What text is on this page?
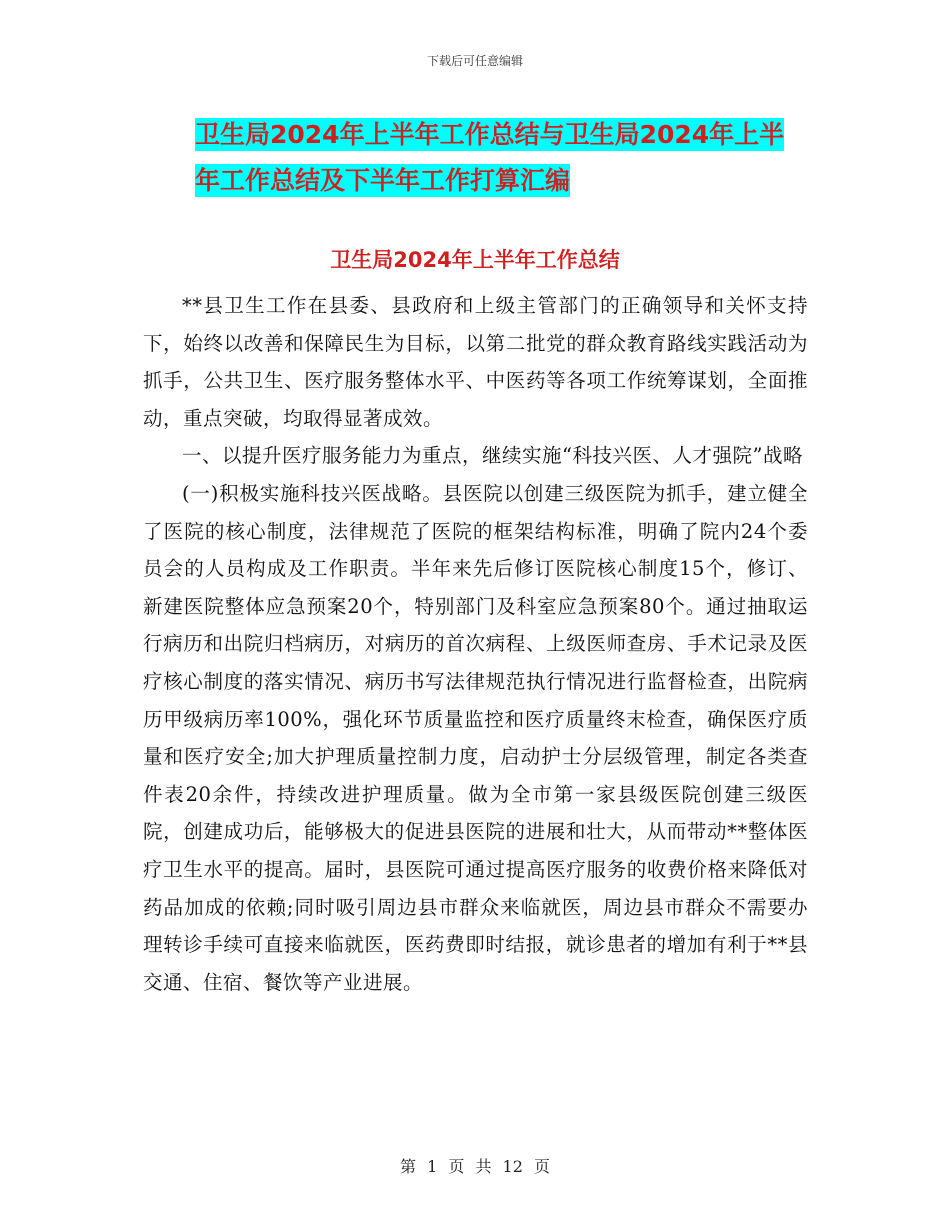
下载后可任意编辑
卫生局2024年上半年工作总结与卫生局2024年上半
年工作总结及下半年工作打算汇编
卫生局2024年上半年工作总结

**县卫生工作在县委、县政府和上级主管部门的正确领导和关怀支持下，始终以改善和保障民生为目标，以第二批党的群众教育路线实践活动为抓手，公共卫生、医疗服务整体水平、中医药等各项工作统筹谋划，全面推动，重点突破，均取得显著成效。

一、以提升医疗服务能力为重点，继续实施“科技兴医、人才强院”战略

(一)积极实施科技兴医战略。县医院以创建三级医院为抓手，建立健全了医院的核心制度，法律规范了医院的框架结构标准，明确了院内24个委员会的人员构成及工作职责。半年来先后修订医院核心制度15个，修订、新建医院整体应急预案20个，特别部门及科室应急预案80个。通过抽取运行病历和出院归档病历，对病历的首次病程、上级医师查房、手术记录及医疗核心制度的落实情况、病历书写法律规范执行情况进行监督检查，出院病历甲级病历率100%，强化环节质量监控和医疗质量终末检查，确保医疗质量和医疗安全;加大护理质量控制力度，启动护士分层级管理，制定各类查件表20余件，持续改进护理质量。做为全市第一家县级医院创建三级医院，创建成功后，能够极大的促进县医院的进展和壮大，从而带动**整体医疗卫生水平的提高。届时，县医院可通过提高医疗服务的收费价格来降低对药品加成的依赖;同时吸引周边县市群众来临就医，周边县市群众不需要办理转诊手续可直接来临就医，医药费即时结报，就诊患者的增加有利于**县交通、住宿、餐饮等产业进展。

第 1 页 共 12 页
